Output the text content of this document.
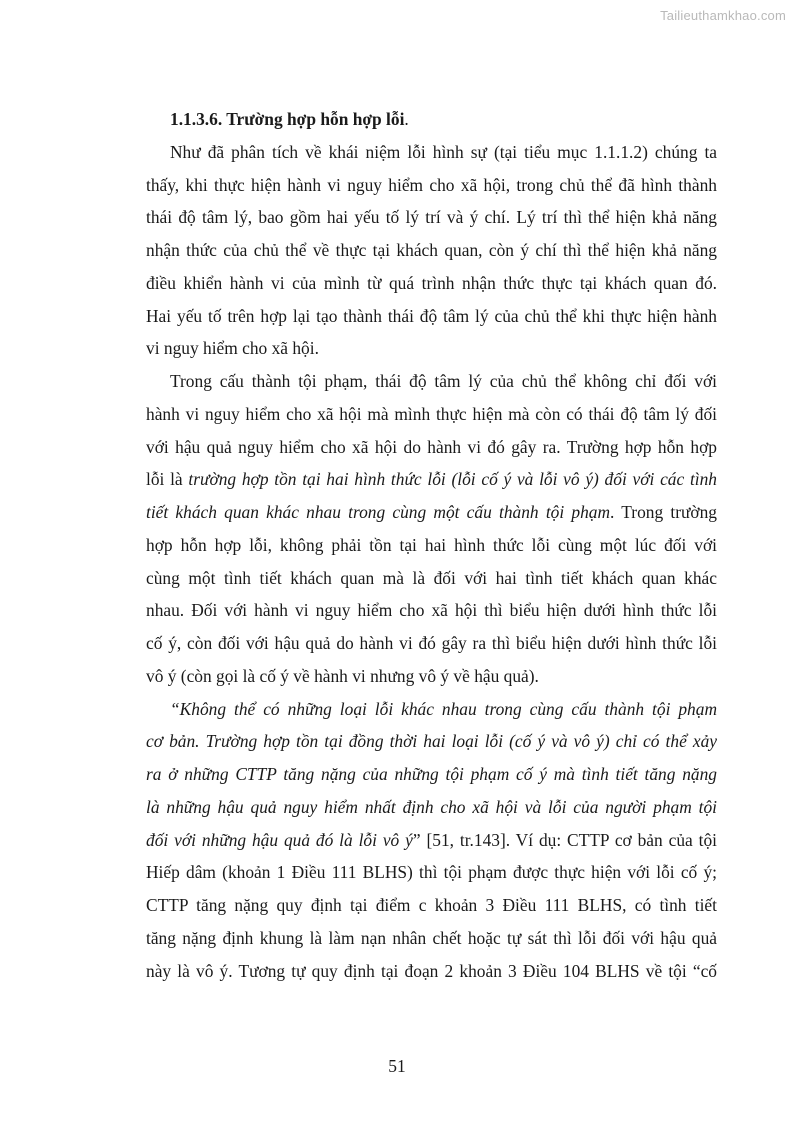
Tailieuthamkhao.com
1.1.3.6. Trường hợp hỗn hợp lỗi.
Như đã phân tích về khái niệm lỗi hình sự (tại tiểu mục 1.1.1.2) chúng ta
thấy, khi thực hiện hành vi nguy hiểm cho xã hội, trong chủ thể đã hình thành
thái độ tâm lý, bao gồm hai yếu tố lý trí và ý chí. Lý trí thì thể hiện khả năng
nhận thức của chủ thể về thực tại khách quan, còn ý chí thì thể hiện khả năng
điều khiển hành vi của mình từ quá trình nhận thức thực tại khách quan đó.
Hai yếu tố trên hợp lại tạo thành thái độ tâm lý của chủ thể khi thực hiện hành
vi nguy hiểm cho xã hội.
Trong cấu thành tội phạm, thái độ tâm lý của chủ thể không chỉ đối với
hành vi nguy hiểm cho xã hội mà mình thực hiện mà còn có thái độ tâm lý đối
với hậu quả nguy hiểm cho xã hội do hành vi đó gây ra. Trường hợp hỗn hợp
lỗi là trường hợp tồn tại hai hình thức lỗi (lỗi cố ý và lỗi vô ý) đối với các tình
tiết khách quan khác nhau trong cùng một cấu thành tội phạm. Trong trường
hợp hỗn hợp lỗi, không phải tồn tại hai hình thức lỗi cùng một lúc đối với
cùng một tình tiết khách quan mà là đối với hai tình tiết khách quan khác
nhau. Đối với hành vi nguy hiểm cho xã hội thì biểu hiện dưới hình thức lỗi
cố ý, còn đối với hậu quả do hành vi đó gây ra thì biểu hiện dưới hình thức lỗi
vô ý (còn gọi là cố ý về hành vi nhưng vô ý về hậu quả).
“Không thể có những loại lỗi khác nhau trong cùng cấu thành tội phạm
cơ bản. Trường hợp tồn tại đồng thời hai loại lỗi (cố ý và vô ý) chỉ có thể xảy
ra ở những CTTP tăng nặng của những tội phạm cố ý mà tình tiết tăng nặng
là những hậu quả nguy hiểm nhất định cho xã hội và lỗi của người phạm tội
đối với những hậu quả đó là lỗi vô ý” [51, tr.143]. Ví dụ: CTTP cơ bản của tội
Hiếp dâm (khoản 1 Điều 111 BLHS) thì tội phạm được thực hiện với lỗi cố ý;
CTTP tăng nặng quy định tại điểm c khoản 3 Điều 111 BLHS, có tình tiết
tăng nặng định khung là làm nạn nhân chết hoặc tự sát thì lỗi đối với hậu quả
này là vô ý. Tương tự quy định tại đoạn 2 khoản 3 Điều 104 BLHS về tội “cố
51
